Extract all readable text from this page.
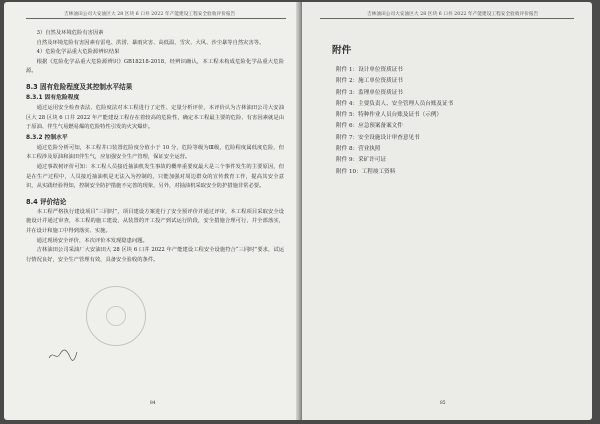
吉林油田公司大安油区大 28 区块 6 口井 2022 年产能建设工程安全验收评价报告
3）自然及环境危险有害因素
自然及环境危险有害因素有雷电、洪涝、暴雨灾害、高低温、雪灾、大风、沙尘暴等自然灾害等。
4）危险化学品重大危险源辨识结果
根据《危险化学品重大危险源辨识》GB18218-2018，经辨识确认，本工程未构成危险化学品重大危险源。
8.3 固有危险程度及其控制水平结果
8.3.1 固有危险程度
通过运用安全检查表法、危险度法对本工程进行了定性、定量分析评价，本评价认为吉林油田公司大安油区大 28 区块 6 口井 2022 年产能建设工程存在着较高的危险性，确定本工程最主要的危险、有害因素就是由于原油、伴生气易燃易爆的危险特性引发的火灾爆炸。
8.3.2 控制水平
通过危险分析可知，本工程井口装置危险度分值小于 10 分，危险等级为Ⅲ级，危险程度属低度危险，但本工程涉及原油和油田伴生气，应加强安全生产管理，保证安全运营。
通过事故树评价可知：本工程人员接近抽油机发生事故的概率重要度最大是三个事件发生的主要原因，但是在生产过程中，人员接近抽油机是无法入为控制的，只能加强对周边群众的宣传教育工作，提高其安全意识，从实践经验得知，控制安全防护措施不完善的现象，另外，对抽油机采取安全防护措施非常必要。
8.4 评价结论
本工程严格执行建设项目“三同时”，项目建设方案进行了安全预评价并通过评审，本工程项目采取安全设施设计并通过审查，本工程的施工建设，从装置的开工投产到试运行阶段，安全措施合理可行，并全部落实，并在设计和施工中得到落实、实施。
通过现场安全评价，本次评价本发现隐患问题。
吉林油田公司采油厂大安油田大 28 区块 6 口井 2022 年产能建设工程安全设施符合“三同时”要求，试运行情况良好，安全生产管理有效，具备安全验收的条件。
84
吉林油田公司大安油区大 28 区块 6 口井 2022 年产能建设工程安全验收评价报告
附件
附件 1：设计单位资质证书
附件 2：施工单位资质证书
附件 3：监理单位资质证书
附件 4：主要负责人、安全管理人员台账及证书
附件 5：特种作业人员台账及证书（示例）
附件 6：应急预案备案文件
附件 7：安全设施设计审查意见书
附件 8：营业执照
附件 9：采矿许可证
附件 10：工程竣工资料
85
